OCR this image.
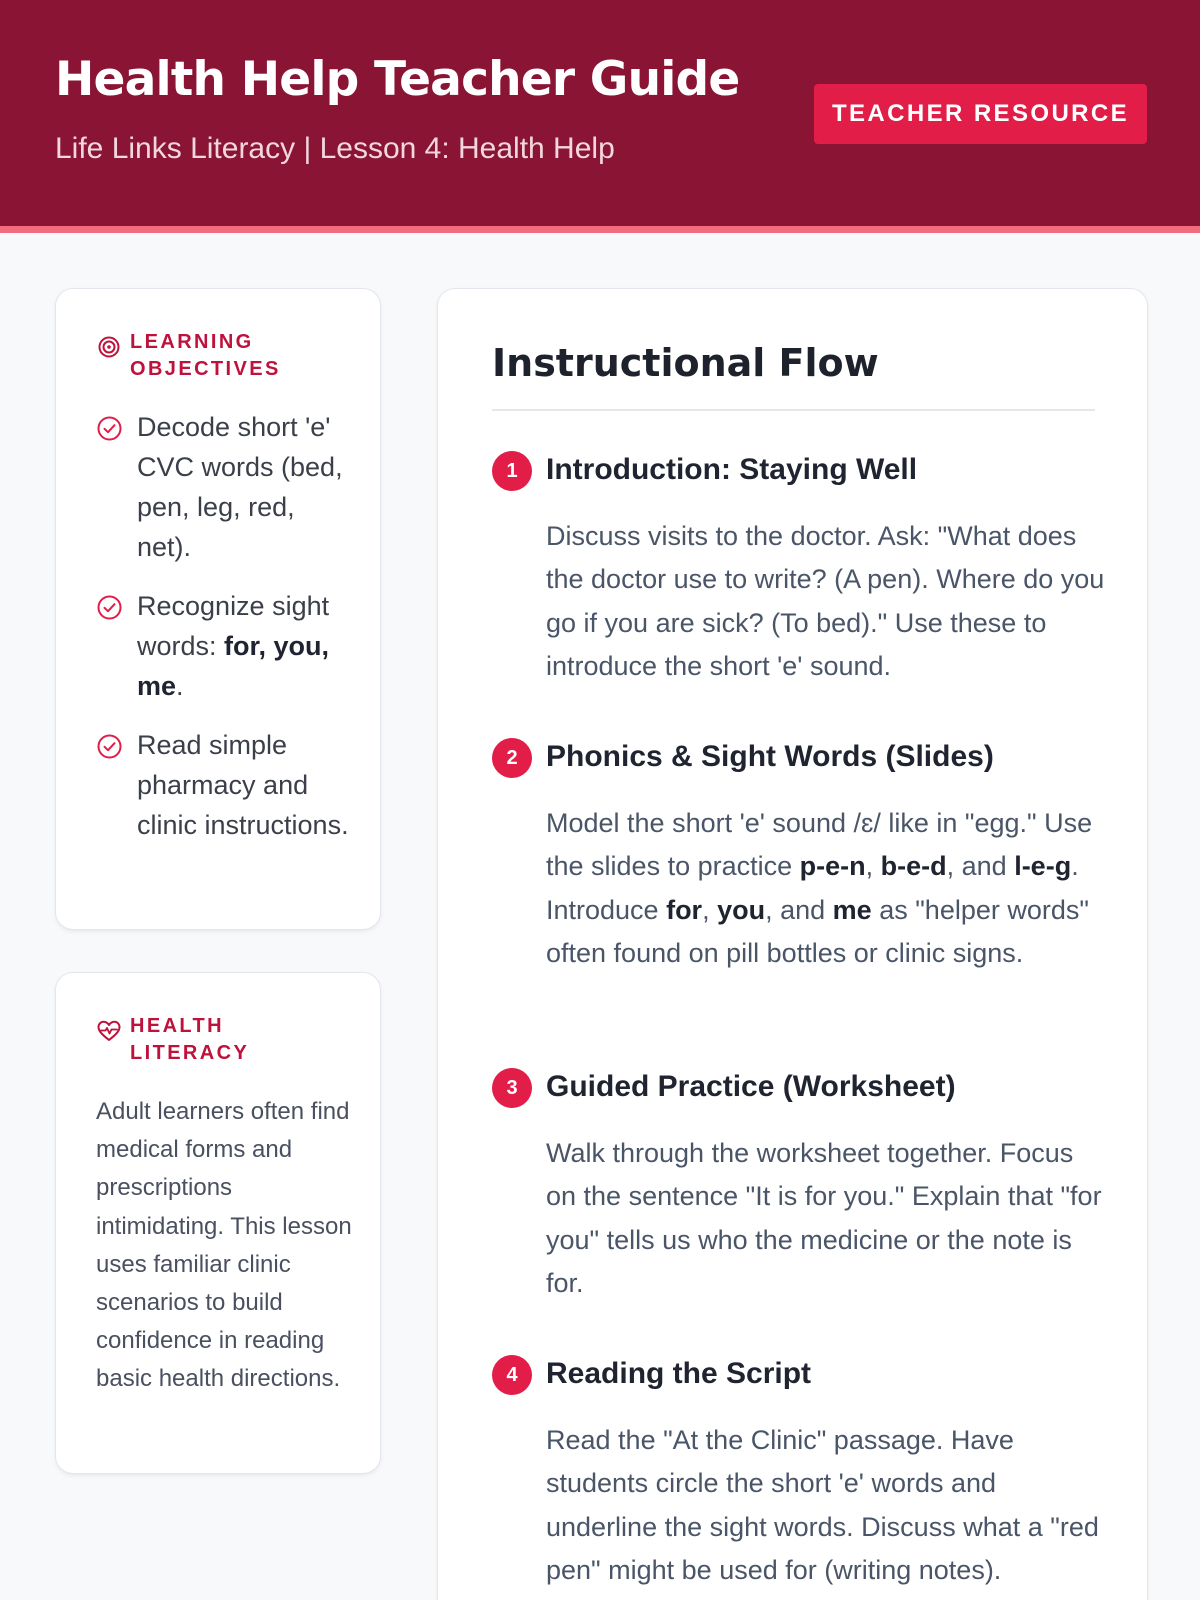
Health Help Teacher Guide
Life Links Literacy | Lesson 4: Health Help
TEACHER RESOURCE
LEARNING OBJECTIVES
Decode short 'e' CVC words (bed, pen, leg, red, net).
Recognize sight words: for, you, me.
Read simple pharmacy and clinic instructions.
HEALTH LITERACY

Adult learners often find medical forms and prescriptions intimidating. This lesson uses familiar clinic scenarios to build confidence in reading basic health directions.

Instructional Flow
1 Introduction: Staying Well

Discuss visits to the doctor. Ask: "What does the doctor use to write? (A pen). Where do you go if you are sick? (To bed)." Use these to introduce the short 'e' sound.

2 Phonics & Sight Words (Slides)

Model the short 'e' sound /ɛ/ like in "egg." Use the slides to practice p-e-n, b-e-d, and l-e-g. Introduce for, you, and me as "helper words" often found on pill bottles or clinic signs.

3 Guided Practice (Worksheet)

Walk through the worksheet together. Focus on the sentence "It is for you." Explain that "for you" tells us who the medicine or the note is for.

4 Reading the Script

Read the "At the Clinic" passage. Have students circle the short 'e' words and underline the sight words. Discuss what a "red pen" might be used for (writing notes).
